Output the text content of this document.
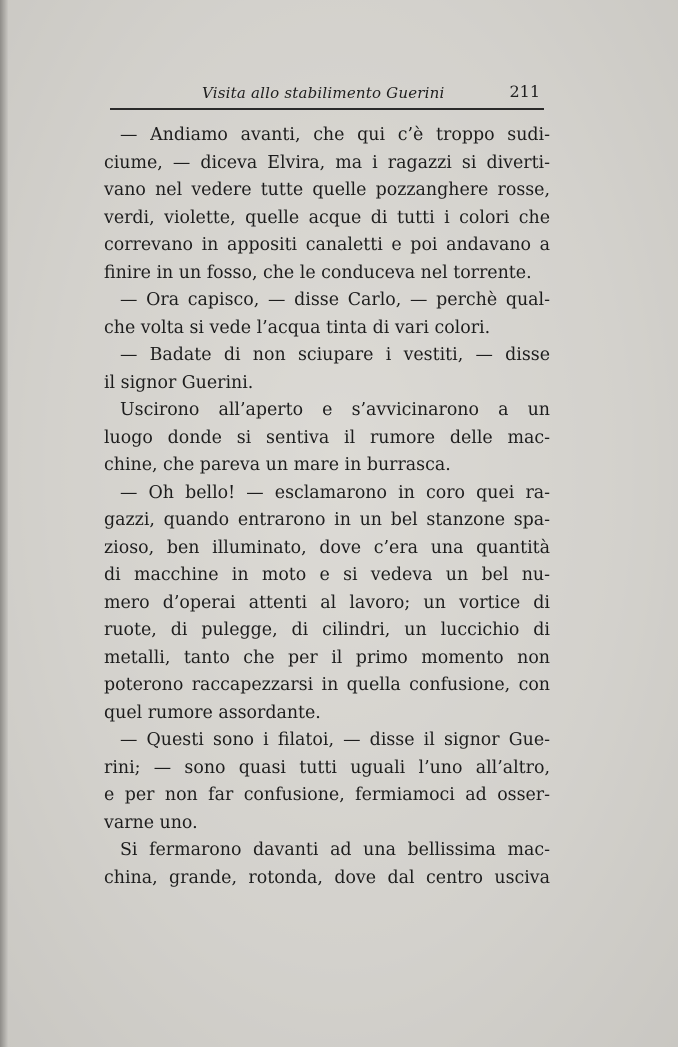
Visita allo stabilimento Guerini	211
— Andiamo avanti, che qui c’è troppo sudi-
ciume, — diceva Elvira, ma i ragazzi si diverti-
vano nel vedere tutte quelle pozzanghere rosse,
verdi, violette, quelle acque di tutti i colori che
correvano in appositi canaletti e poi andavano a
finire in un fosso, che le conduceva nel torrente.
— Ora capisco, — disse Carlo, — perchè qual-
che volta si vede l’acqua tinta di vari colori.
— Badate di non sciupare i vestiti, — disse
il signor Guerini.
Uscirono all’aperto e s’avvicinarono a un
luogo donde si sentiva il rumore delle mac-
chine, che pareva un mare in burrasca.
— Oh bello! — esclamarono in coro quei ra-
gazzi, quando entrarono in un bel stanzone spa-
zioso, ben illuminato, dove c’era una quantità
di macchine in moto e si vedeva un bel nu-
mero d’operai attenti al lavoro; un vortice di
ruote, di pulegge, di cilindri, un luccichio di
metalli, tanto che per il primo momento non
poterono raccapezzarsi in quella confusione, con
quel rumore assordante.
— Questi sono i filatoi, — disse il signor Gue-
rini; — sono quasi tutti uguali l’uno all’altro,
e per non far confusione, fermiamoci ad osser-
varne uno.
Si fermarono davanti ad una bellissima mac-
china, grande, rotonda, dove dal centro usciva
